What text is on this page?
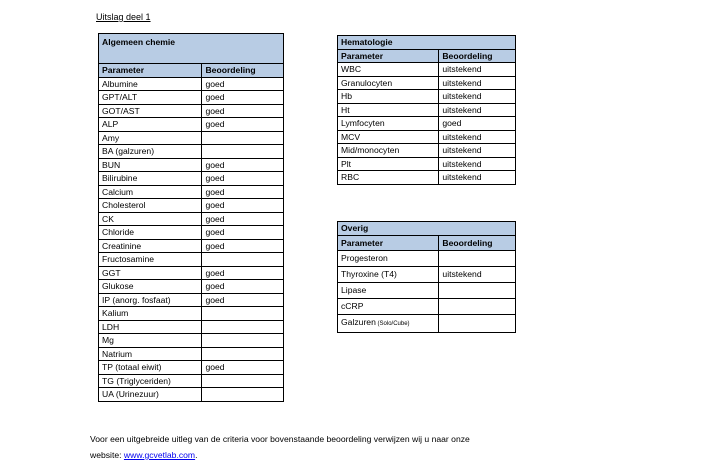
Uitslag deel 1
Algemeen chemie	
Parameter	Beoordeling
Albumine	goed
GPT/ALT	goed
GOT/AST	goed
ALP	goed
Amy	
BA (galzuren)	
BUN	goed
Bilirubine	goed
Calcium	goed
Cholesterol	goed
CK	goed
Chloride	goed
Creatinine	goed
Fructosamine	
GGT	goed
Glukose	goed
IP (anorg. fosfaat)	goed
Kalium	
LDH	
Mg	
Natrium	
TP (totaal eiwit)	goed
TG (Triglyceriden)	
UA (Urinezuur)	
Hematologie	
Parameter	Beoordeling
WBC	uitstekend
Granulocyten	uitstekend
Hb	uitstekend
Ht	uitstekend
Lymfocyten	goed
MCV	uitstekend
Mid/monocyten	uitstekend
Plt	uitstekend
RBC	uitstekend
Overig	
Parameter	Beoordeling
Progesteron	
Thyroxine (T4)	uitstekend
Lipase	
cCRP	
Galzuren (Solo/Cube)	
Voor een uitgebreide uitleg van de criteria voor bovenstaande beoordeling verwijzen wij u naar onze
website: www.gcvetlab.com.
